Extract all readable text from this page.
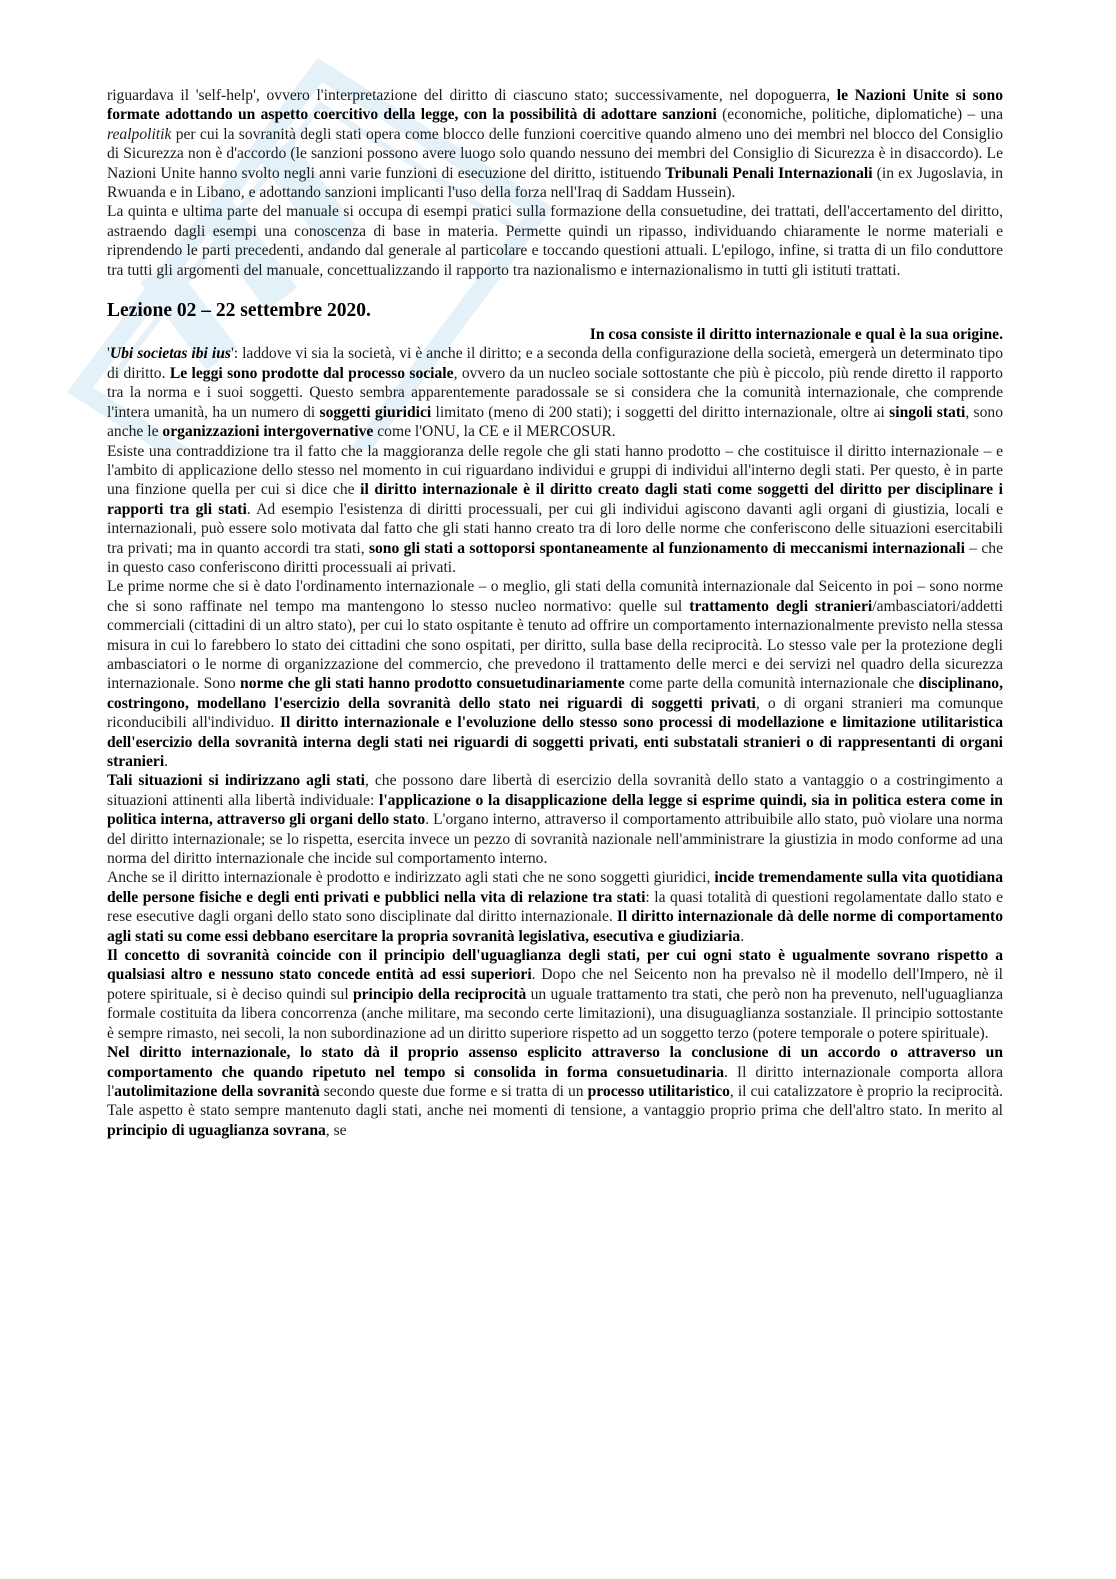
riguardava il 'self-help', ovvero l'interpretazione del diritto di ciascuno stato; successivamente, nel dopoguerra, le Nazioni Unite si sono formate adottando un aspetto coercitivo della legge, con la possibilità di adottare sanzioni (economiche, politiche, diplomatiche) – una realpolitik per cui la sovranità degli stati opera come blocco delle funzioni coercitive quando almeno uno dei membri nel blocco del Consiglio di Sicurezza non è d'accordo (le sanzioni possono avere luogo solo quando nessuno dei membri del Consiglio di Sicurezza è in disaccordo). Le Nazioni Unite hanno svolto negli anni varie funzioni di esecuzione del diritto, istituendo Tribunali Penali Internazionali (in ex Jugoslavia, in Rwuanda e in Libano, e adottando sanzioni implicanti l'uso della forza nell'Iraq di Saddam Hussein).

La quinta e ultima parte del manuale si occupa di esempi pratici sulla formazione della consuetudine, dei trattati, dell'accertamento del diritto, astraendo dagli esempi una conoscenza di base in materia. Permette quindi un ripasso, individuando chiaramente le norme materiali e riprendendo le parti precedenti, andando dal generale al particolare e toccando questioni attuali. L'epilogo, infine, si tratta di un filo conduttore tra tutti gli argomenti del manuale, concettualizzando il rapporto tra nazionalismo e internazionalismo in tutti gli istituti trattati.

Lezione 02 – 22 settembre 2020.
In cosa consiste il diritto internazionale e qual è la sua origine.

'Ubi societas ibi ius': laddove vi sia la società, vi è anche il diritto; e a seconda della configurazione della società, emergerà un determinato tipo di diritto. Le leggi sono prodotte dal processo sociale, ovvero da un nucleo sociale sottostante che più è piccolo, più rende diretto il rapporto tra la norma e i suoi soggetti. Questo sembra apparentemente paradossale se si considera che la comunità internazionale, che comprende l'intera umanità, ha un numero di soggetti giuridici limitato (meno di 200 stati); i soggetti del diritto internazionale, oltre ai singoli stati, sono anche le organizzazioni intergovernative come l'ONU, la CE e il MERCOSUR.

Esiste una contraddizione tra il fatto che la maggioranza delle regole che gli stati hanno prodotto – che costituisce il diritto internazionale – e l'ambito di applicazione dello stesso nel momento in cui riguardano individui e gruppi di individui all'interno degli stati. Per questo, è in parte una finzione quella per cui si dice che il diritto internazionale è il diritto creato dagli stati come soggetti del diritto per disciplinare i rapporti tra gli stati. Ad esempio l'esistenza di diritti processuali, per cui gli individui agiscono davanti agli organi di giustizia, locali e internazionali, può essere solo motivata dal fatto che gli stati hanno creato tra di loro delle norme che conferiscono delle situazioni esercitabili tra privati; ma in quanto accordi tra stati, sono gli stati a sottoporsi spontaneamente al funzionamento di meccanismi internazionali – che in questo caso conferiscono diritti processuali ai privati.

Le prime norme che si è dato l'ordinamento internazionale – o meglio, gli stati della comunità internazionale dal Seicento in poi – sono norme che si sono raffinate nel tempo ma mantengono lo stesso nucleo normativo: quelle sul trattamento degli stranieri/ambasciatori/addetti commerciali (cittadini di un altro stato), per cui lo stato ospitante è tenuto ad offrire un comportamento internazionalmente previsto nella stessa misura in cui lo farebbero lo stato dei cittadini che sono ospitati, per diritto, sulla base della reciprocità. Lo stesso vale per la protezione degli ambasciatori o le norme di organizzazione del commercio, che prevedono il trattamento delle merci e dei servizi nel quadro della sicurezza internazionale. Sono norme che gli stati hanno prodotto consuetudinariamente come parte della comunità internazionale che disciplinano, costringono, modellano l'esercizio della sovranità dello stato nei riguardi di soggetti privati, o di organi stranieri ma comunque riconducibili all'individuo. Il diritto internazionale e l'evoluzione dello stesso sono processi di modellazione e limitazione utilitaristica dell'esercizio della sovranità interna degli stati nei riguardi di soggetti privati, enti substatali stranieri o di rappresentanti di organi stranieri.

Tali situazioni si indirizzano agli stati, che possono dare libertà di esercizio della sovranità dello stato a vantaggio o a costringimento a situazioni attinenti alla libertà individuale: l'applicazione o la disapplicazione della legge si esprime quindi, sia in politica estera come in politica interna, attraverso gli organi dello stato. L'organo interno, attraverso il comportamento attribuibile allo stato, può violare una norma del diritto internazionale; se lo rispetta, esercita invece un pezzo di sovranità nazionale nell'amministrare la giustizia in modo conforme ad una norma del diritto internazionale che incide sul comportamento interno.

Anche se il diritto internazionale è prodotto e indirizzato agli stati che ne sono soggetti giuridici, incide tremendamente sulla vita quotidiana delle persone fisiche e degli enti privati e pubblici nella vita di relazione tra stati: la quasi totalità di questioni regolamentate dallo stato e rese esecutive dagli organi dello stato sono disciplinate dal diritto internazionale. Il diritto internazionale dà delle norme di comportamento agli stati su come essi debbano esercitare la propria sovranità legislativa, esecutiva e giudiziaria.

Il concetto di sovranità coincide con il principio dell'uguaglianza degli stati, per cui ogni stato è ugualmente sovrano rispetto a qualsiasi altro e nessuno stato concede entità ad essi superiori. Dopo che nel Seicento non ha prevalso nè il modello dell'Impero, nè il potere spirituale, si è deciso quindi sul principio della reciprocità un uguale trattamento tra stati, che però non ha prevenuto, nell'uguaglianza formale costituita da libera concorrenza (anche militare, ma secondo certe limitazioni), una disuguaglianza sostanziale. Il principio sottostante è sempre rimasto, nei secoli, la non subordinazione ad un diritto superiore rispetto ad un soggetto terzo (potere temporale o potere spirituale).

Nel diritto internazionale, lo stato dà il proprio assenso esplicito attraverso la conclusione di un accordo o attraverso un comportamento che quando ripetuto nel tempo si consolida in forma consuetudinaria. Il diritto internazionale comporta allora l'autolimitazione della sovranità secondo queste due forme e si tratta di un processo utilitaristico, il cui catalizzatore è proprio la reciprocità. Tale aspetto è stato sempre mantenuto dagli stati, anche nei momenti di tensione, a vantaggio proprio prima che dell'altro stato. In merito al principio di uguaglianza sovrana, se
